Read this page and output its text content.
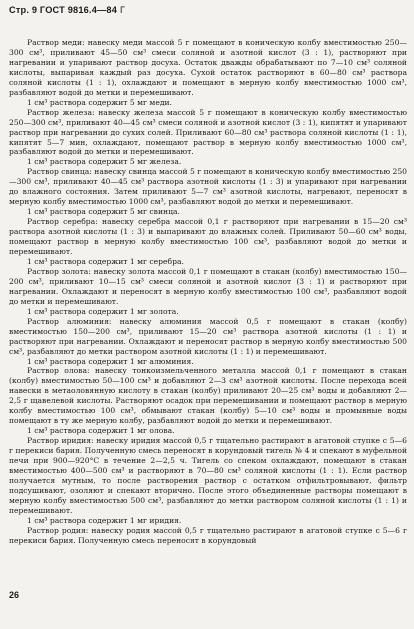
Стр. 9 ГОСТ 9816.4—84 Г

Раствор меди: навеску меди массой 5 г помещают в коническую колбу вместимостью 250—300 см³, приливают 45—50 см³ смеси соляной и азотной кислот (3 : 1), растворяют при нагревании и упаривают раствор досуха. Остаток дважды обрабатывают по 7—10 см³ соляной кислоты, выпаривая каждый раз досуха. Сухой остаток растворяют в 60—80 см³ раствора соляной кислоты (1 : 1), охлаждают и помещают в мерную колбу вместимостью 1000 см³, разбавляют водой до метки и перемешивают.

1 см³ раствора содержит 5 мг меди.

Раствор железа: навеску железа массой 5 г помещают в коническую колбу вместимостью 250—300 см³, приливают 40—45 см³ смеси соляной и азотной кислот (3 : 1), кипятят и упаривают раствор при нагревании до сухих солей. Приливают 60—80 см³ раствора соляной кислоты (1 : 1), кипятят 5—7 мин, охлаждают, помещают раствор в мерную колбу вместимостью 1000 см³, разбавляют водой до метки и перемешивают.

1 см³ раствора содержит 5 мг железа.

Раствор свинца: навеску свинца массой 5 г помещают в коническую колбу вместимостью 250—300 см³, приливают 40—45 см³ раствора азотной кислоты (1 : 3) и упаривают при нагревании до влажного состояния. Затем приливают 5—7 см³ азотной кислоты, нагревают, переносят в мерную колбу вместимостью 1000 см³, разбавляют водой до метки и перемешивают.

1 см³ раствора содержит 5 мг свинца.

Раствор серебра: навеску серебра массой 0,1 г растворяют при нагревании в 15—20 см³ раствора азотной кислоты (1 : 3) и выпаривают до влажных солей. Приливают 50—60 см³ воды, помещают раствор в мерную колбу вместимостью 100 см³, разбавляют водой до метки и перемешивают.

1 см³ раствора содержит 1 мг серебра.

Раствор золота: навеску золота массой 0,1 г помещают в стакан (колбу) вместимостью 150—200 см³, приливают 10—15 см³ смеси соляной и азотной кислот (3 : 1) и растворяют при нагревании. Охлаждают и переносят в мерную колбу вместимостью 100 см³, разбавляют водой до метки и перемешивают.

1 см³ раствора содержит 1 мг золота.

Раствор алюминия: навеску алюминия массой 0,5 г помещают в стакан (колбу) вместимостью 150—200 см³, приливают 15—20 см³ раствора азотной кислоты (1 : 1) и растворяют при нагревании. Охлаждают и переносят раствор в мерную колбу вместимостью 500 см³, разбавляют до метки раствором азотной кислоты (1 : 1) и перемешивают.

1 см³ раствора содержит 1 мг алюминия.

Раствор олова: навеску тонкоизмельченного металла массой 0,1 г помещают в стакан (колбу) вместимостью 50—100 см³ и добавляют 2—3 см³ азотной кислоты. После перехода всей навески в метаоловянную кислоту в стакан (колбу) приливают 20—25 см³ воды и добавляют 2—2,5 г щавелевой кислоты. Растворяют осадок при перемешивании и помещают раствор в мерную колбу вместимостью 100 см³, обмывают стакан (колбу) 5—10 см³ воды и промывные воды помещают в ту же мерную колбу, разбавляют водой до метки и перемешивают.

1 см³ раствора содержит 1 мг олова.

Раствор иридия: навеску иридия массой 0,5 г тщательно растирают в агатовой ступке с 5—6 г перекиси бария. Полученную смесь переносят в корундовый тигель № 4 и спекают в муфельной печи при 900—920°С в течение 2—2,5 ч. Тигель со спеком охлаждают, помещают в стакан вместимостью 400—500 см³ и растворяют в 70—80 см³ соляной кислоты (1 : 1). Если раствор получается мутным, то после растворения раствор с остатком отфильтровывают, фильтр подсушивают, озоляют и спекают вторично. После этого объединенные растворы помещают в мерную колбу вместимостью 500 см³, разбавляют до метки раствором соляной кислоты (1 : 1) и перемешивают.

1 см³ раствора содержит 1 мг иридия.

Раствор родия: навеску родия массой 0,5 г тщательно растирают в агатовой ступке с 5—6 г перекиси бария. Полученную смесь переносят в корундовый

26
